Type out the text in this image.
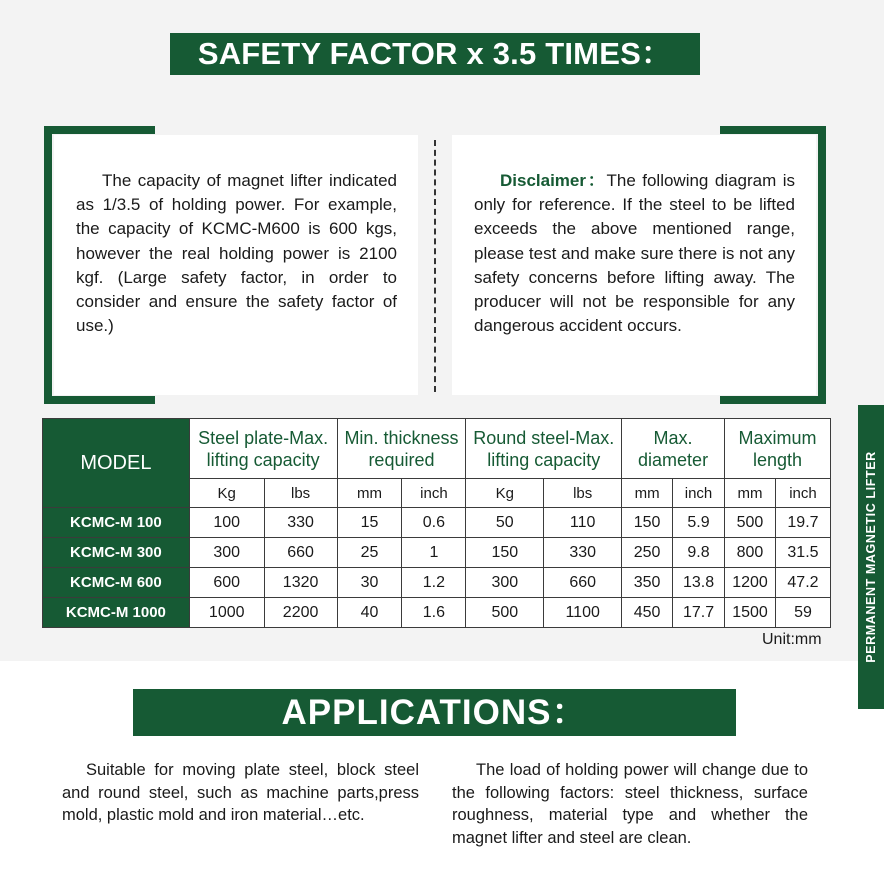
SAFETY FACTOR x 3.5 TIMES：
The capacity of magnet lifter indicated as 1/3.5 of holding power. For example, the capacity of KCMC-M600 is 600 kgs, however the real holding power is 2100 kgf. (Large safety factor, in order to consider and ensure the safety factor of use.)
Disclaimer：The following diagram is only for reference. If the steel to be lifted exceeds the above mentioned range, please test and make sure there is not any safety concerns before lifting away. The producer will not be responsible for any dangerous accident occurs.
MODEL	Steel plate-Max. lifting capacity		Min. thickness required		Round steel-Max. lifting capacity		Max. diameter		Maximum length	
	Kg	lbs	mm	inch	Kg	lbs	mm	inch	mm	inch
KCMC-M 100	100	330	15	0.6	50	110	150	5.9	500	19.7
KCMC-M 300	300	660	25	1	150	330	250	9.8	800	31.5
KCMC-M 600	600	1320	30	1.2	300	660	350	13.8	1200	47.2
KCMC-M 1000	1000	2200	40	1.6	500	1100	450	17.7	1500	59
Unit:mm	PERMANENT MAGNETIC LIFTER
APPLICATIONS：
Suitable for moving plate steel, block steel and round steel, such as machine parts,press mold, plastic mold and iron material…etc.
The load of holding power will change due to the following factors: steel thickness, surface roughness, material type and whether the magnet lifter and steel are clean.
